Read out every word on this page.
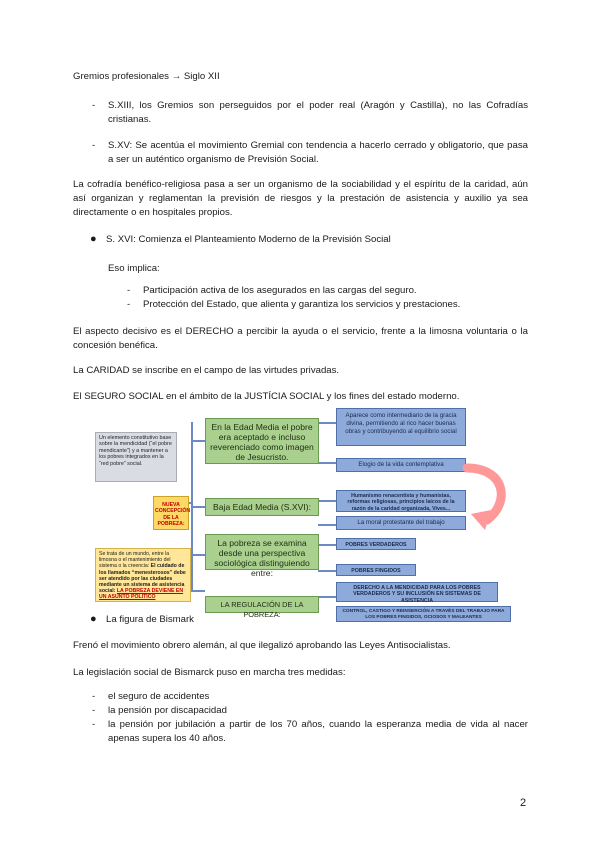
Gremios profesionales → Siglo XII
- S.XIII, los Gremios son perseguidos por el poder real (Aragón y Castilla), no las Cofradías cristianas.
- S.XV: Se acentúa el movimiento Gremial con tendencia a hacerlo cerrado y obligatorio, que pasa a ser un auténtico organismo de Previsión Social.
La cofradía benéfico-religiosa pasa a ser un organismo de la sociabilidad y el espíritu de la caridad, aún así organizan y reglamentan la previsión de riesgos y la prestación de asistencia y auxilio ya sea directamente o en hospitales propios.
● S. XVI: Comienza el Planteamiento Moderno de la Previsión Social
Eso implica:
- Participación activa de los asegurados en las cargas del seguro.
- Protección del Estado, que alienta y garantiza los servicios y prestaciones.
El aspecto decisivo es el DERECHO a percibir la ayuda o el servicio, frente a la limosna voluntaria o la concesión benéfica.
La CARIDAD se inscribe en el campo de las virtudes privadas.
El SEGURO SOCIAL en el ámbito de la JUSTÍCIA SOCIAL y los fines del estado moderno.
Un elemento constitutivo base sobre la mendicidad (“el pobre mendicante”) y a mantener a los pobres integrados en la “red pobre” social.
NUEVA CONCEPCIÓN DE LA POBREZA:
Se trata de un mundo, entre la limosna o el mantenimiento del sistema o la creencia: El cuidado de los llamados “menesterosos” debe ser atendido por las ciudades mediante un sistema de asistencia social: LA POBREZA DEVIENE EN UN ASUNTO POLÍTICO
En la Edad Media el pobre era aceptado e incluso reverenciado como imagen de Jesucristo.
Baja Edad Media (S.XVI):
La pobreza se examina desde una perspectiva sociológica distinguiendo entre:
LA REGULACIÓN DE LA POBREZA:
Aparece como intermediario de la gracia divina, permitiendo al rico hacer buenas obras y contribuyendo al equilibrio social
Elogio de la vida contemplativa
Humanismo renacentista y humanistas, reformas religiosas, principios laicos de la razón de la caridad organizada, Vives...
La moral protestante del trabajo
POBRES VERDADEROS
POBRES FINGIDOS
DERECHO A LA MENDICIDAD PARA LOS POBRES VERDADEROS Y SU INCLUSIÓN EN SISTEMAS DE ASISTENCIA
CONTROL, CASTIGO Y REINSERCIÓN A TRAVÉS DEL TRABAJO PARA LOS POBRES FINGIDOS, OCIOSOS Y MALEANTES
● La figura de Bismark
Frenó el movimiento obrero alemán, al que ilegalizó aprobando las Leyes Antisocialistas.
La legislación social de Bismarck puso en marcha tres medidas:
- el seguro de accidentes
- la pensión por discapacidad
- la pensión por jubilación a partir de los 70 años, cuando la esperanza media de vida al nacer apenas supera los 40 años.
2
